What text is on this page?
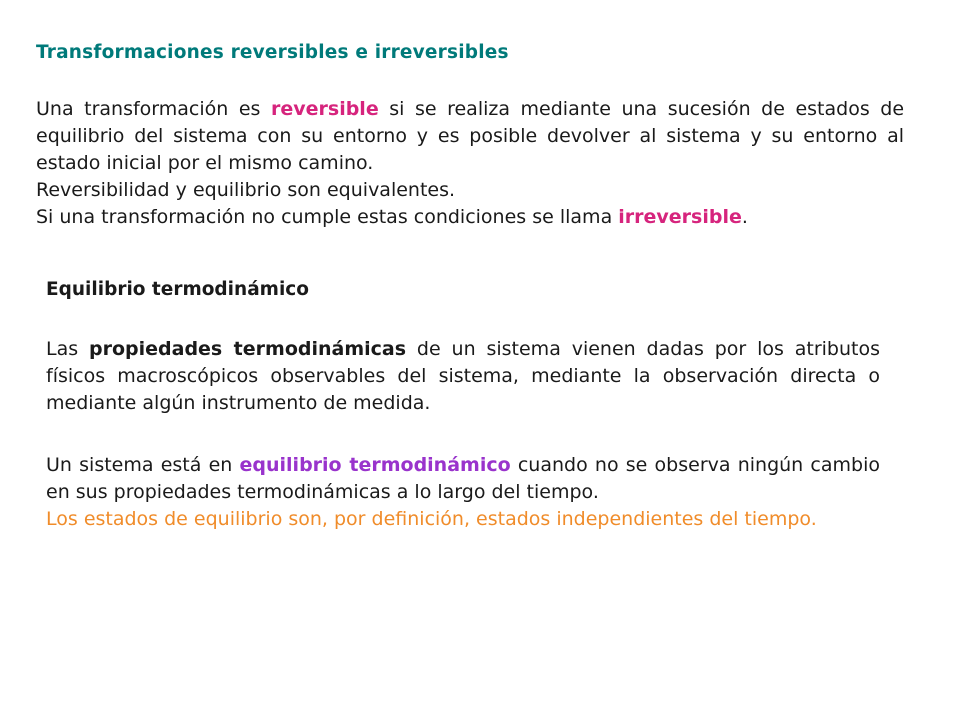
Transformaciones reversibles e irreversibles

Una transformación es reversible si se realiza mediante una sucesión de estados de equilibrio del sistema con su entorno y es posible devolver al sistema y su entorno al estado inicial por el mismo camino.

Reversibilidad y equilibrio son equivalentes.

Si una transformación no cumple estas condiciones se llama irreversible.

Equilibrio termodinámico

Las propiedades termodinámicas de un sistema vienen dadas por los atributos físicos macroscópicos observables del sistema, mediante la observación directa o mediante algún instrumento de medida.

Un sistema está en equilibrio termodinámico cuando no se observa ningún cambio en sus propiedades termodinámicas a lo largo del tiempo.

Los estados de equilibrio son, por definición, estados independientes del tiempo.
